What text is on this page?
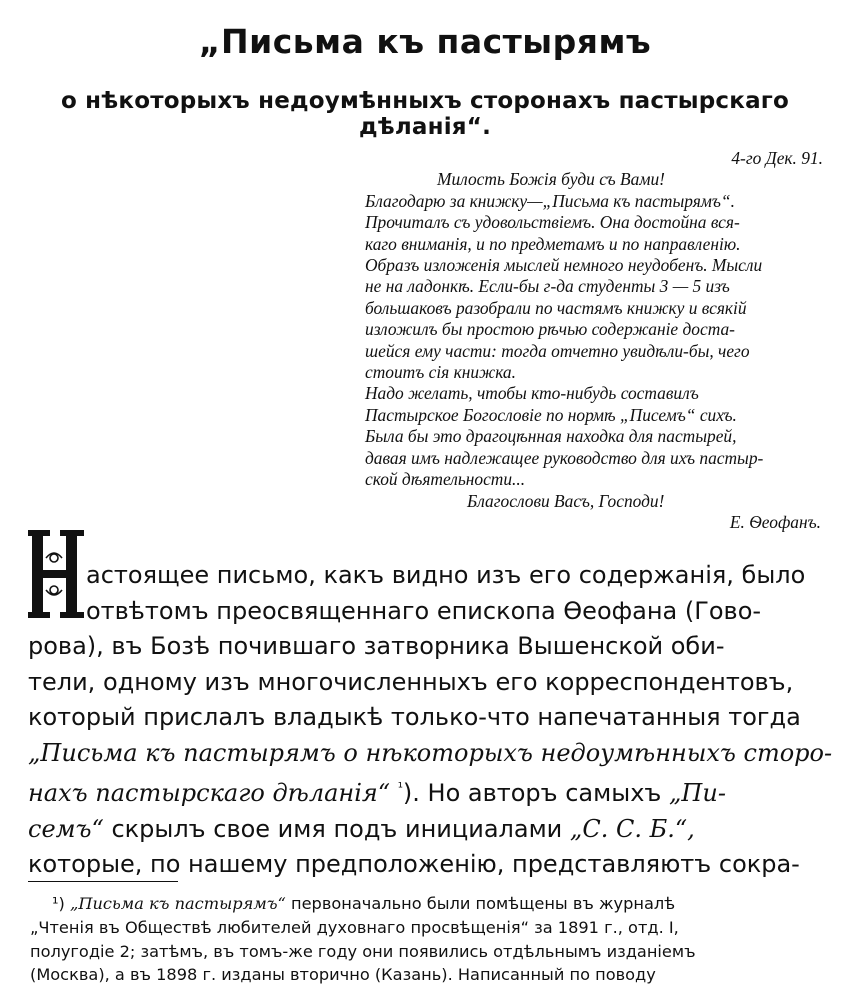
„Письма къ пастырямъ
о нѣкоторыхъ недоумѣнныхъ сторонахъ пастырскаго дѣланія“.
4-го Дек. 91.
Милость Божія буди съ Вами!

Благодарю за книжку—„Письма къ пастырямъ“.
Прочиталъ съ удовольствіемъ. Она достойна вся-
каго вниманія, и по предметамъ и по направленію.
Образъ изложенія мыслей немного неудобенъ. Мысли
не на ладонкѣ. Если-бы г-да студенты 3 — 5 изъ
большаковъ разобрали по частямъ книжку и всякій
изложилъ бы простою рѣчью содержаніе доста-
шейся ему части: тогда отчетно увидѣли-бы, чего
стоитъ сія книжка.

Надо желать, чтобы кто-нибудь составилъ
Пастырское Богословіе по нормѣ „Писемъ“ сихъ.
Была бы это драгоцѣнная находка для пастырей,
давая имъ надлежащее руководство для ихъ пастыр-
ской дѣятельности...

Благослови Васъ, Господи!
Е. Ѳеофанъ.
Н
астоящее письмо, какъ видно изъ его содержанія, было
отвѣтомъ преосвященнаго епископа Ѳеофана (Гово-
рова), въ Бозѣ почившаго затворника Вышенской оби-
тели, одному изъ многочисленныхъ его корреспондентовъ,
который прислалъ владыкѣ только-что напечатанныя тогда
„Письма къ пастырямъ о нѣкоторыхъ недоумѣнныхъ сторо-
нахъ пастырскаго дѣланія“ $^{^1}$). Но авторъ самыхъ „Пи-
семъ“ скрылъ свое имя подъ инициалами „С. С. Б.“,
которые, по нашему предположенію, представляютъ сокра-
¹) „Письма къ пастырямъ“ первоначально были помѣщены въ журналѣ
„Чтенія въ Обществѣ любителей духовнаго просвѣщенія“ за 1891 г., отд. I,
полугодіе 2; затѣмъ, въ томъ-же году они появились отдѣльнымъ изданіемъ
(Москва), а въ 1898 г. изданы вторично (Казань). Написанный по поводу
